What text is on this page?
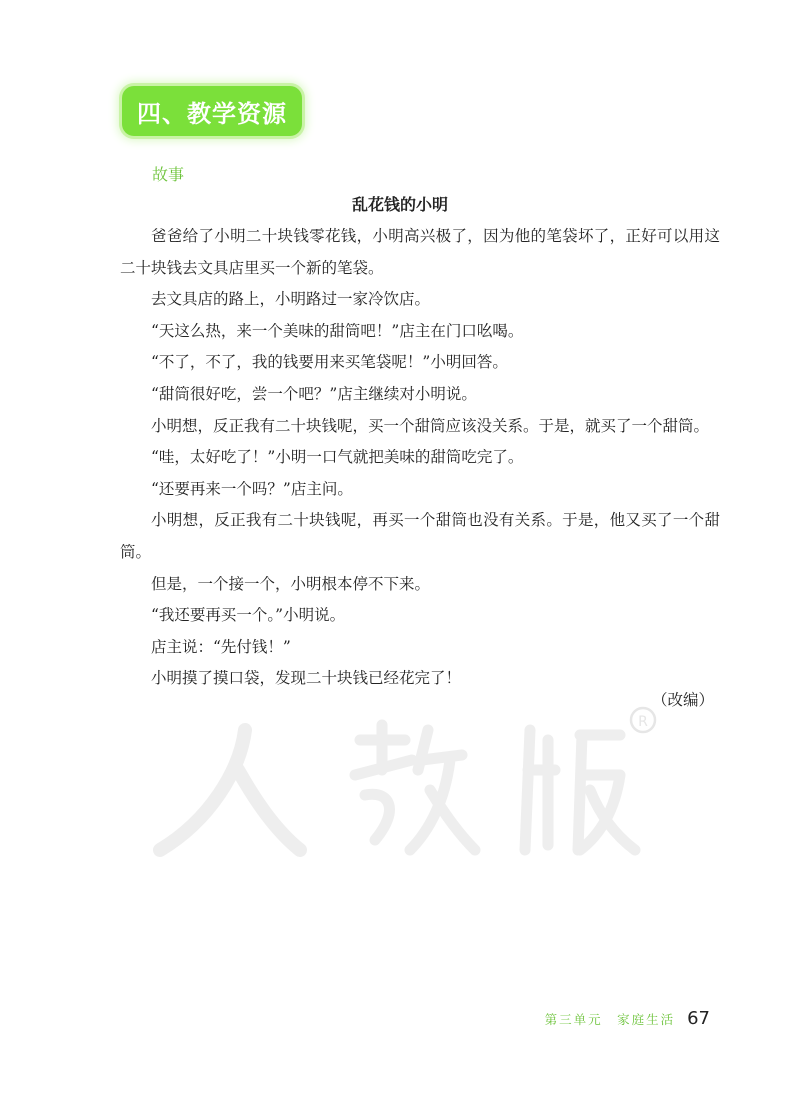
四、教学资源
故事
乱花钱的小明

爸爸给了小明二十块钱零花钱，小明高兴极了，因为他的笔袋坏了，正好可以用这二十块钱去文具店里买一个新的笔袋。

去文具店的路上，小明路过一家冷饮店。

“天这么热，来一个美味的甜筒吧！”店主在门口吆喝。

“不了，不了，我的钱要用来买笔袋呢！”小明回答。

“甜筒很好吃，尝一个吧？”店主继续对小明说。

小明想，反正我有二十块钱呢，买一个甜筒应该没关系。于是，就买了一个甜筒。

“哇，太好吃了！”小明一口气就把美味的甜筒吃完了。

“还要再来一个吗？”店主问。

小明想，反正我有二十块钱呢，再买一个甜筒也没有关系。于是，他又买了一个甜筒。

但是，一个接一个，小明根本停不下来。

“我还要再买一个。”小明说。

店主说：“先付钱！”

小明摸了摸口袋，发现二十块钱已经花完了！

（改编）
R
第三单元　家庭生活 67
